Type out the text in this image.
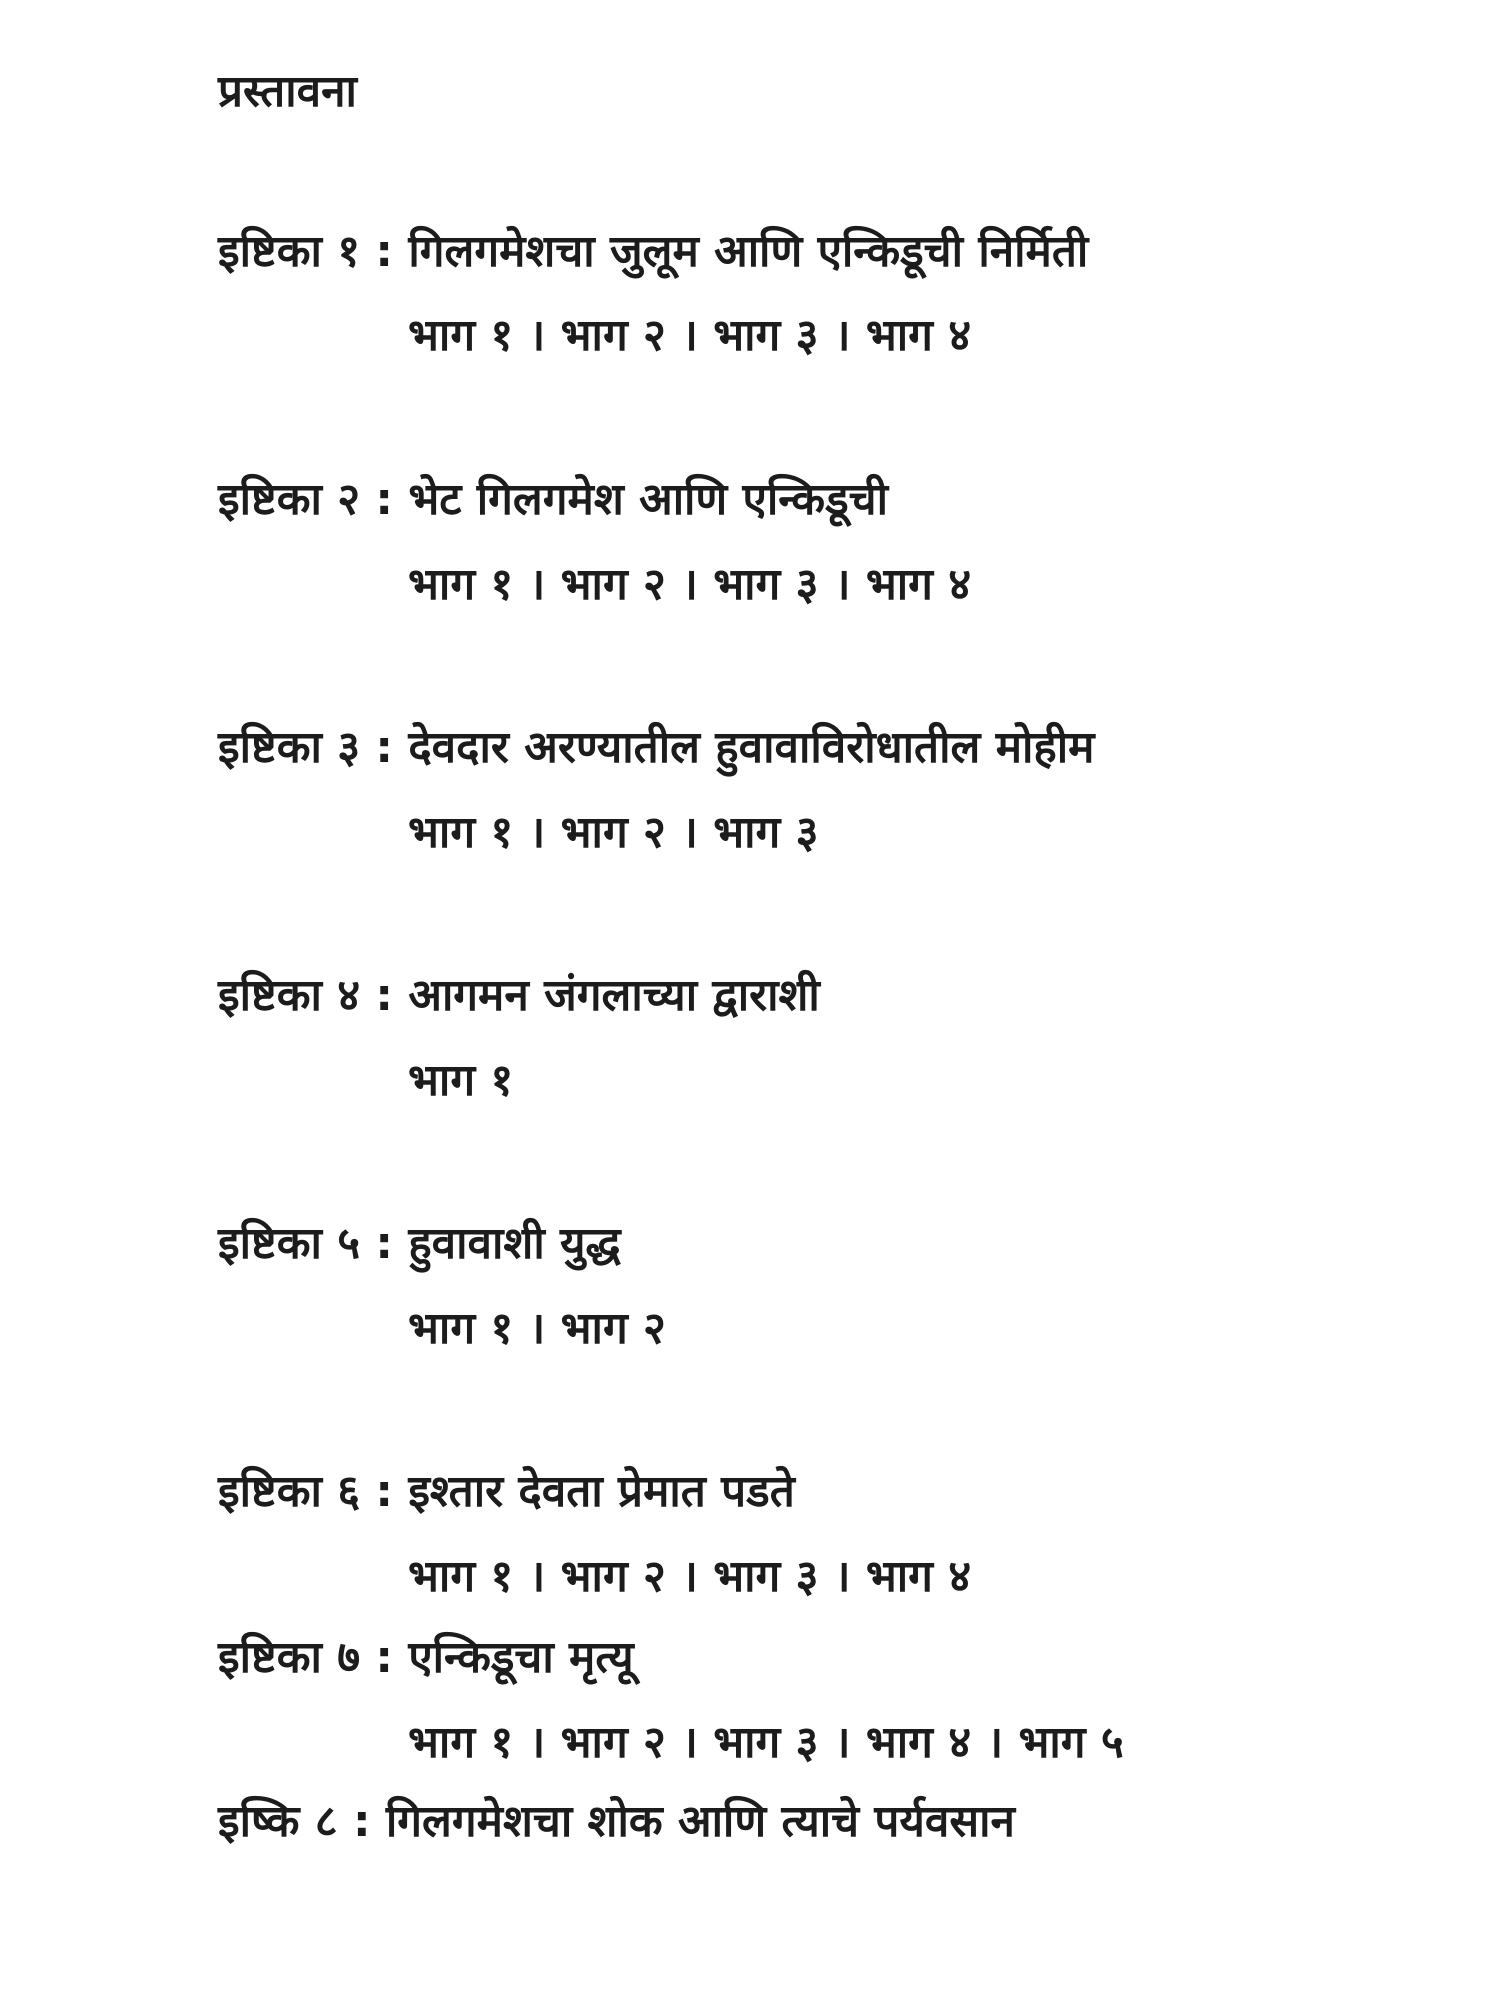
प्रस्तावना
इष्टिका १ : गिलगमेशचा जुलूम आणि एन्किडूची निर्मिती
भाग १ । भाग २ । भाग ३ । भाग ४
इष्टिका २ : भेट गिलगमेश आणि एन्किडूची
भाग १ । भाग २ । भाग ३ । भाग ४
इष्टिका ३ : देवदार अरण्यातील हुवावाविरोधातील मोहीम
भाग १ । भाग २ । भाग ३
इष्टिका ४ : आगमन जंगलाच्या द्वाराशी
भाग १
इष्टिका ५ : हुवावाशी युद्ध
भाग १ । भाग २
इष्टिका ६ : इश्तार देवता प्रेमात पडते
भाग १ । भाग २ । भाग ३ । भाग ४
इष्टिका ७ : एन्किडूचा मृत्यू
भाग १ । भाग २ । भाग ३ । भाग ४ । भाग ५
इष्कि ८ : गिलगमेशचा शोक आणि त्याचे पर्यवसान
